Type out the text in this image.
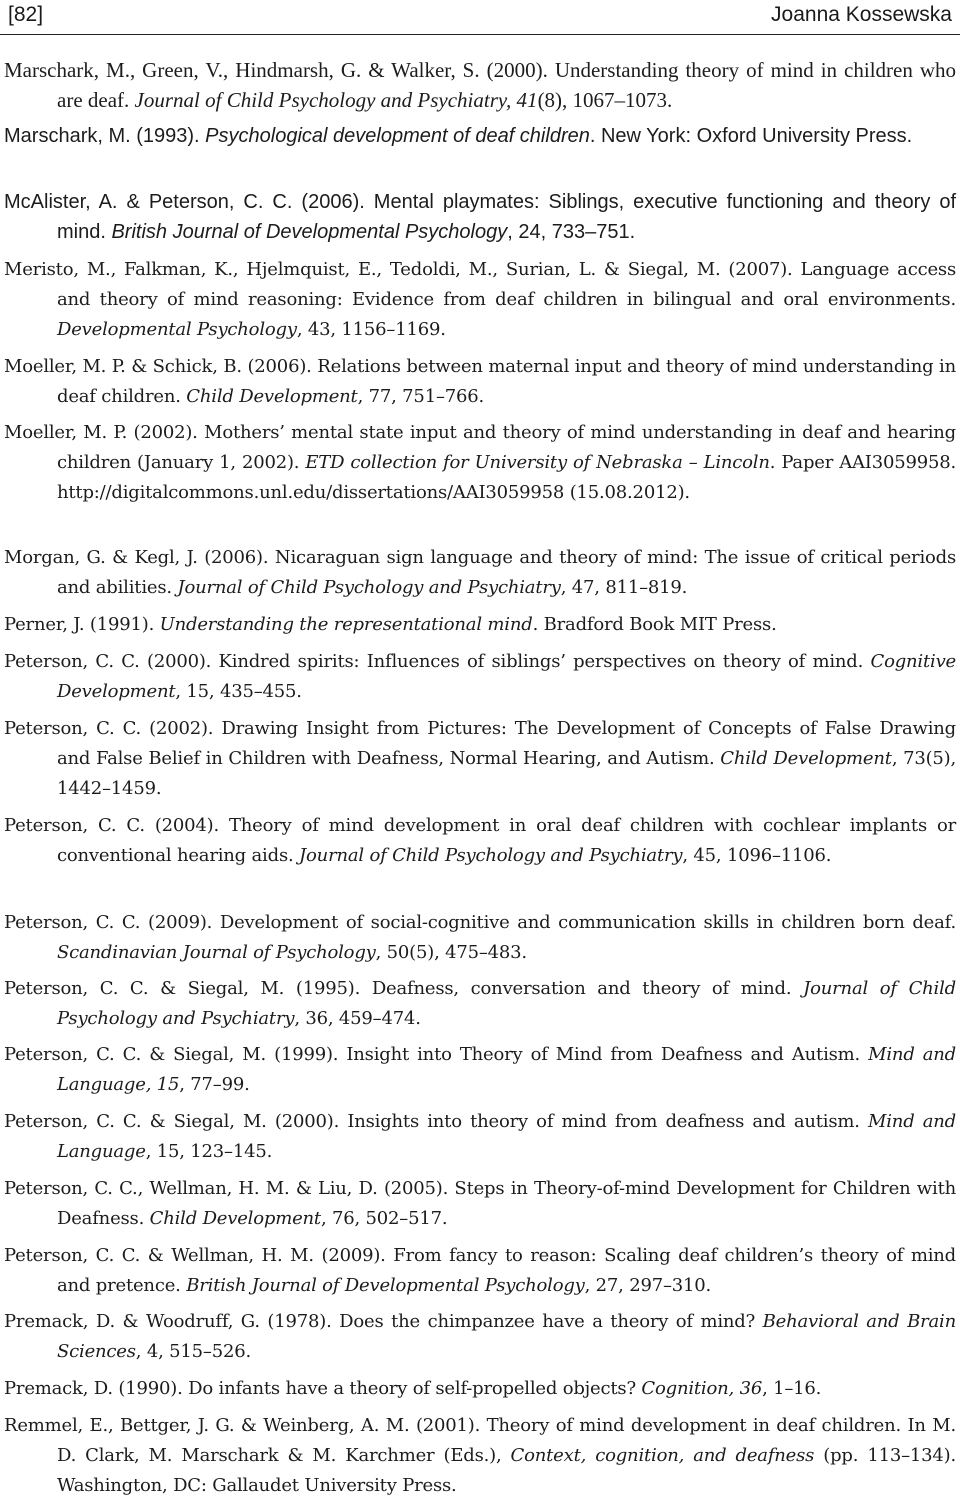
[82]	Joanna Kossewska
Marschark, M., Green, V., Hindmarsh, G. & Walker, S. (2000). Understanding theory of mind in children who are deaf. Journal of Child Psychology and Psychiatry, 41(8), 1067–1073.
Marschark, M. (1993). Psychological development of deaf children. New York: Oxford University Press.
McAlister, A. & Peterson, C. C. (2006). Mental playmates: Siblings, executive functioning and theory of mind. British Journal of Developmental Psychology, 24, 733–751.
Meristo, M., Falkman, K., Hjelmquist, E., Tedoldi, M., Surian, L. & Siegal, M. (2007). Language access and theory of mind reasoning: Evidence from deaf children in bilingual and oral environments. Developmental Psychology, 43, 1156–1169.
Moeller, M. P. & Schick, B. (2006). Relations between maternal input and theory of mind understanding in deaf children. Child Development, 77, 751–766.
Moeller, M. P. (2002). Mothers’ mental state input and theory of mind understanding in deaf and hearing children (January 1, 2002). ETD collection for University of Nebraska – Lincoln. Paper AAI3059958. http://digitalcommons.unl.edu/dissertations/AAI3059958 (15.08.2012).
Morgan, G. & Kegl, J. (2006). Nicaraguan sign language and theory of mind: The issue of critical periods and abilities. Journal of Child Psychology and Psychiatry, 47, 811–819.
Perner, J. (1991). Understanding the representational mind. Bradford Book MIT Press.
Peterson, C. C. (2000). Kindred spirits: Influences of siblings’ perspectives on theory of mind. Cognitive Development, 15, 435–455.
Peterson, C. C. (2002). Drawing Insight from Pictures: The Development of Concepts of False Drawing and False Belief in Children with Deafness, Normal Hearing, and Autism. Child Development, 73(5), 1442–1459.
Peterson, C. C. (2004). Theory of mind development in oral deaf children with cochlear implants or conventional hearing aids. Journal of Child Psychology and Psychiatry, 45, 1096–1106.
Peterson, C. C. (2009). Development of social-cognitive and communication skills in children born deaf. Scandinavian Journal of Psychology, 50(5), 475–483.
Peterson, C. C. & Siegal, M. (1995). Deafness, conversation and theory of mind. Journal of Child Psychology and Psychiatry, 36, 459–474.
Peterson, C. C. & Siegal, M. (1999). Insight into Theory of Mind from Deafness and Autism. Mind and Language, 15, 77–99.
Peterson, C. C. & Siegal, M. (2000). Insights into theory of mind from deafness and autism. Mind and Language, 15, 123–145.
Peterson, C. C., Wellman, H. M. & Liu, D. (2005). Steps in Theory-of-mind Development for Children with Deafness. Child Development, 76, 502–517.
Peterson, C. C. & Wellman, H. M. (2009). From fancy to reason: Scaling deaf children’s theory of mind and pretence. British Journal of Developmental Psychology, 27, 297–310.
Premack, D. & Woodruff, G. (1978). Does the chimpanzee have a theory of mind? Behavioral and Brain Sciences, 4, 515–526.
Premack, D. (1990). Do infants have a theory of self-propelled objects? Cognition, 36, 1–16.
Remmel, E., Bettger, J. G. & Weinberg, A. M. (2001). Theory of mind development in deaf children. In M. D. Clark, M. Marschark & M. Karchmer (Eds.), Context, cognition, and deafness (pp. 113–134). Washington, DC: Gallaudet University Press.
